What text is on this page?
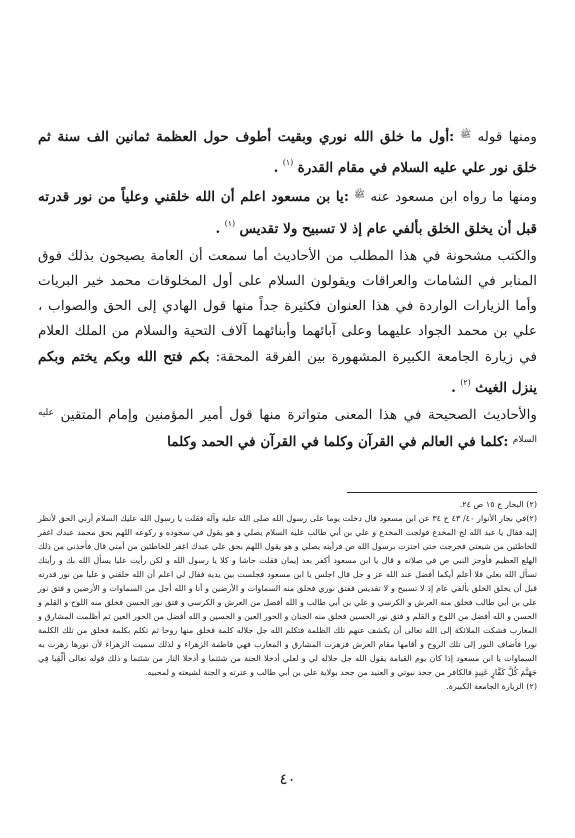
ومنها قوله $^ﷺ$ :أول ما خلق الله نوري وبقيت أطوف حول العظمة ثمانين الف سنة ثم خلق نور علي عليه السلام في مقام القدرة $^{(١)}$ .

ومنها ما رواه ابن مسعود عنه $^ﷺ$ :يا بن مسعود اعلم أن الله خلقني وعلياً من نور قدرته قبل أن يخلق الخلق بألفي عام إذ لا تسبيح ولا تقديس $^{(١)}$ .

والكتب مشحونة في هذا المطلب من الأحاديث أما سمعت أن العامة يصيحون بذلك فوق المنابر في الشامات والعراقات ويقولون السلام على أول المخلوقات محمد خير البريات وأما الزيارات الواردة في هذا العنوان فكثيرة جداً منها قول الهادي إلى الحق والصواب ، علي بن محمد الجواد عليهما وعلى آبائهما وأبنائهما آلاف التحية والسلام من الملك العلام في زيارة الجامعة الكبيرة المشهورة بين الفرقة المحقة: بكم فتح الله وبكم يختم وبكم ينزل الغيث $^{(٢)}$ .

والأحاديث الصحيحة في هذا المعنى متواترة منها قول أمير المؤمنين وإمام المتقين $^{عليه السلام}$ :كلما في العالم في القرآن وكلما في القرآن في الحمد وكلما

(٢) البحار ج ١٥ ص ٢٤.

(٢)في بحار الأنوار ٤٠/ ٤٣ ح ٣٤ عن ابن مسعود قال دخلت يوما على رسول الله صلى الله عليه وآله فقلت يا رسول الله عليك السلام أرني الحق لأنظر إليه فقال يا عبد الله لج المخدع فولجت المخدع و علي بن أبي طالب عليه السلام يصلي و هو يقول في سجوده و ركوعه اللهم بحق محمد عبدك اغفر للخاطئين من شيعتي فخرجت حتى اجتزت برسول الله ص فرأيته يصلي و هو يقول اللهم بحق علي عبدك اغفر للخاطئين من أمتي قال فأخذني من ذلك الهلع العظيم فأوجز النبي ص في صلاته و قال يا ابن مسعود أكفر بعد إيمان فقلت حاشا و كلا يا رسول الله و لكن رأيت عليا يسأل الله بك و رأيتك تسأل الله بعلي فلا أعلم أيكما أفضل عند الله عز و جل قال اجلس يا ابن مسعود فجلست بين يديه فقال لي اعلم أن الله خلقني و عليا من نور قدرته قبل أن يخلق الخلق بألفي عام إذ لا تسبيح و لا تقديس ففتق نوري فخلق منه السماوات و الأرضين و أنا و الله أجل من السماوات و الأرضين و فتق نور علي بن أبي طالب فخلق منه العرش و الكرسي و علي بن أبي طالب و الله أفضل من العرش و الكرسي و فتق نور الحسن فخلق منه اللوح و القلم و الحسن و الله أفضل من اللوح و القلم و فتق نور الحسين فخلق منه الجنان و الحور العين و الحسين و الله أفضل من الحور العين ثم أظلمت المشارق و المغارب فشكت الملائكة إلى الله تعالى أن يكشف عنهم تلك الظلمة فتكلم الله جل جلاله كلمة فخلق منها روحا ثم تكلم بكلمة فخلق من تلك الكلمة نورا فأضاف النور إلى تلك الروح و أقامها مقام العرش فزهرت المشارق و المغارب فهي فاطمة الزهراء و لذلك سميت الزهراء لأن نورها زهرت به السماوات يا ابن مسعود إذا كان يوم القيامة يقول الله جل جلاله لي و لعلي أدخلا الجنة من شئتما و أدخلا النار من شئتما و ذلك قوله تعالى أَلْقِيا فِي جَهَنَّمَ كُلَّ كَفَّارٍ عَنِيدٍ فالكافر من جحد نبوتي و العنيد من جحد بولاية علي بن أبي طالب و عترته و الجنة لشيعته و لمحبيه.

(٢) الزيارة الجامعة الكبيرة.

٤٠
